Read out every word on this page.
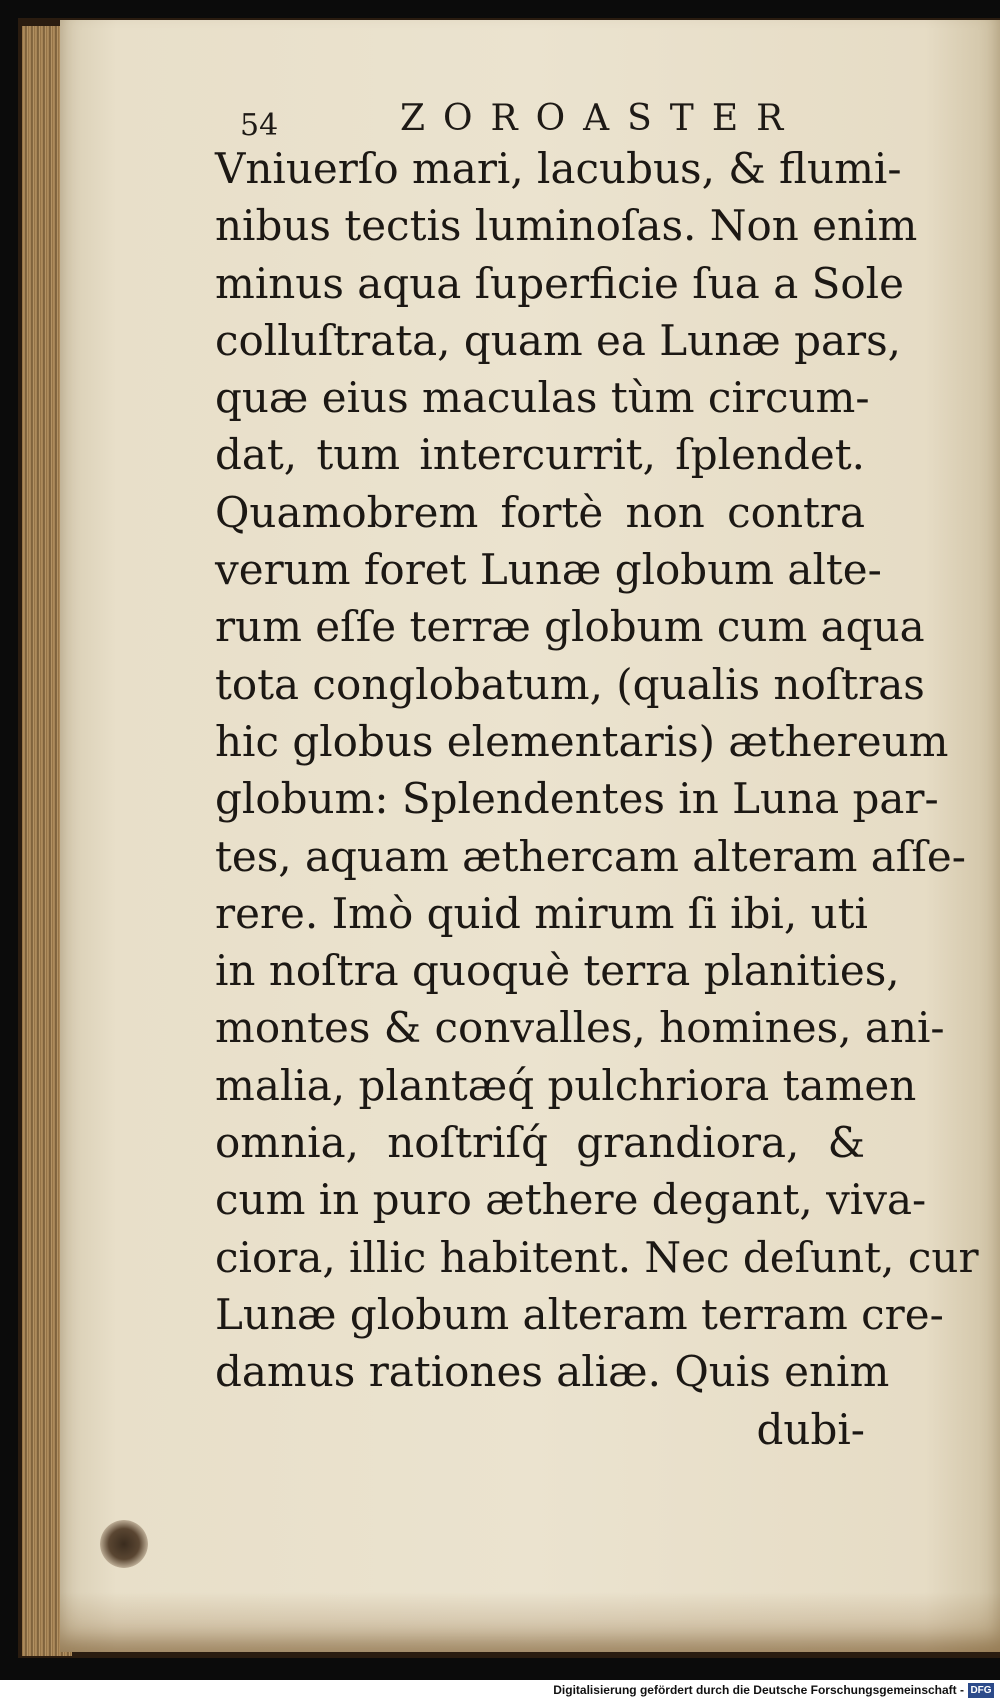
54	ZOROASTER
Vniuerſo mari, lacubus, & flumi-
nibus tectis luminoſas. Non enim
minus aqua ſuperficie ſua a Sole
colluſtrata, quam ea Lunæ pars,
quæ eius maculas tùm circum-
dat, tum intercurrit, ſplendet.
Quamobrem fortè non contra
verum foret Lunæ globum alte-
rum eſſe terræ globum cum aqua
tota conglobatum, (qualis noſtras
hic globus elementaris) æthereum
globum: Splendentes in Luna par-
tes, aquam æthercam alteram aſſe-
rere. Imò quid mirum ſi ibi, uti
in noſtra quoquè terra planities,
montes & convalles, homines, ani-
malia, plantæq́ pulchriora tamen
omnia, noſtriſq́ grandiora, &
cum in puro æthere degant, viva-
ciora, illic habitent. Nec deſunt, cur
Lunæ globum alteram terram cre-
damus rationes aliæ. Quis enim
dubi-
Digitalisierung gefördert durch die Deutsche Forschungsgemeinschaft - DFG
